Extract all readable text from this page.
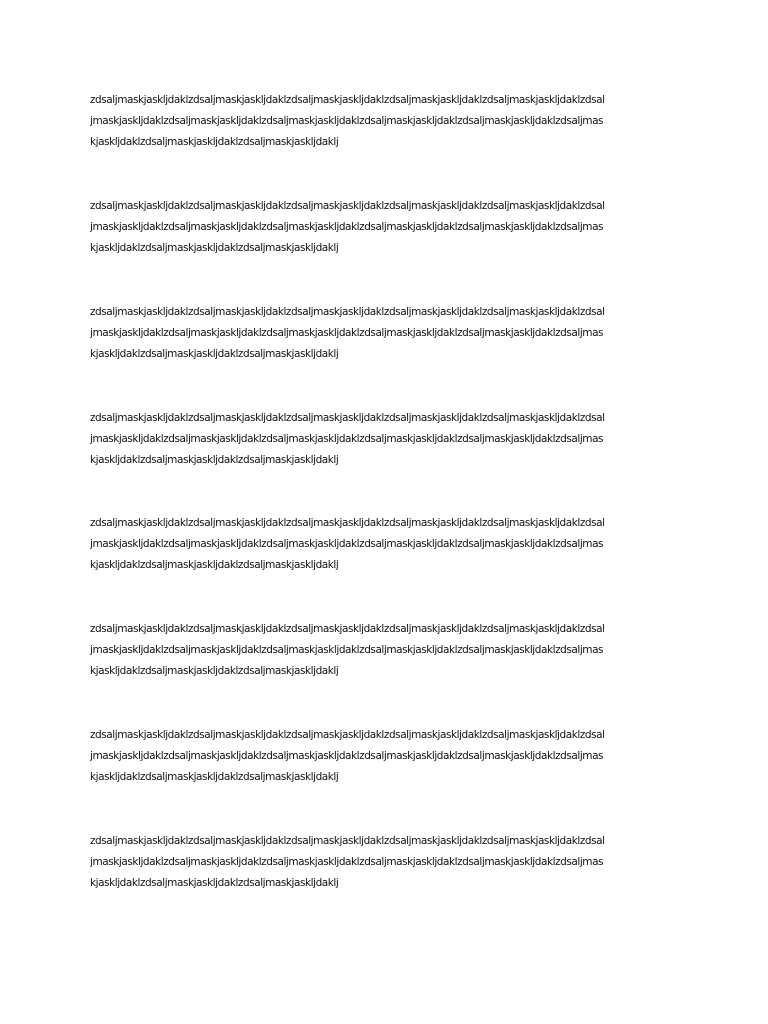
zdsaljmaskjaskljdaklzdsaljmaskjaskljdaklzdsaljmaskjaskljdaklzdsaljmaskjaskljdaklzdsaljmaskjaskljdaklzdsal
jmaskjaskljdaklzdsaljmaskjaskljdaklzdsaljmaskjaskljdaklzdsaljmaskjaskljdaklzdsaljmaskjaskljdaklzdsaljmas
kjaskljdaklzdsaljmaskjaskljdaklzdsaljmaskjaskljdaklj
zdsaljmaskjaskljdaklzdsaljmaskjaskljdaklzdsaljmaskjaskljdaklzdsaljmaskjaskljdaklzdsaljmaskjaskljdaklzdsal
jmaskjaskljdaklzdsaljmaskjaskljdaklzdsaljmaskjaskljdaklzdsaljmaskjaskljdaklzdsaljmaskjaskljdaklzdsaljmas
kjaskljdaklzdsaljmaskjaskljdaklzdsaljmaskjaskljdaklj
zdsaljmaskjaskljdaklzdsaljmaskjaskljdaklzdsaljmaskjaskljdaklzdsaljmaskjaskljdaklzdsaljmaskjaskljdaklzdsal
jmaskjaskljdaklzdsaljmaskjaskljdaklzdsaljmaskjaskljdaklzdsaljmaskjaskljdaklzdsaljmaskjaskljdaklzdsaljmas
kjaskljdaklzdsaljmaskjaskljdaklzdsaljmaskjaskljdaklj
zdsaljmaskjaskljdaklzdsaljmaskjaskljdaklzdsaljmaskjaskljdaklzdsaljmaskjaskljdaklzdsaljmaskjaskljdaklzdsal
jmaskjaskljdaklzdsaljmaskjaskljdaklzdsaljmaskjaskljdaklzdsaljmaskjaskljdaklzdsaljmaskjaskljdaklzdsaljmas
kjaskljdaklzdsaljmaskjaskljdaklzdsaljmaskjaskljdaklj
zdsaljmaskjaskljdaklzdsaljmaskjaskljdaklzdsaljmaskjaskljdaklzdsaljmaskjaskljdaklzdsaljmaskjaskljdaklzdsal
jmaskjaskljdaklzdsaljmaskjaskljdaklzdsaljmaskjaskljdaklzdsaljmaskjaskljdaklzdsaljmaskjaskljdaklzdsaljmas
kjaskljdaklzdsaljmaskjaskljdaklzdsaljmaskjaskljdaklj
zdsaljmaskjaskljdaklzdsaljmaskjaskljdaklzdsaljmaskjaskljdaklzdsaljmaskjaskljdaklzdsaljmaskjaskljdaklzdsal
jmaskjaskljdaklzdsaljmaskjaskljdaklzdsaljmaskjaskljdaklzdsaljmaskjaskljdaklzdsaljmaskjaskljdaklzdsaljmas
kjaskljdaklzdsaljmaskjaskljdaklzdsaljmaskjaskljdaklj
zdsaljmaskjaskljdaklzdsaljmaskjaskljdaklzdsaljmaskjaskljdaklzdsaljmaskjaskljdaklzdsaljmaskjaskljdaklzdsal
jmaskjaskljdaklzdsaljmaskjaskljdaklzdsaljmaskjaskljdaklzdsaljmaskjaskljdaklzdsaljmaskjaskljdaklzdsaljmas
kjaskljdaklzdsaljmaskjaskljdaklzdsaljmaskjaskljdaklj
zdsaljmaskjaskljdaklzdsaljmaskjaskljdaklzdsaljmaskjaskljdaklzdsaljmaskjaskljdaklzdsaljmaskjaskljdaklzdsal
jmaskjaskljdaklzdsaljmaskjaskljdaklzdsaljmaskjaskljdaklzdsaljmaskjaskljdaklzdsaljmaskjaskljdaklzdsaljmas
kjaskljdaklzdsaljmaskjaskljdaklzdsaljmaskjaskljdaklj
